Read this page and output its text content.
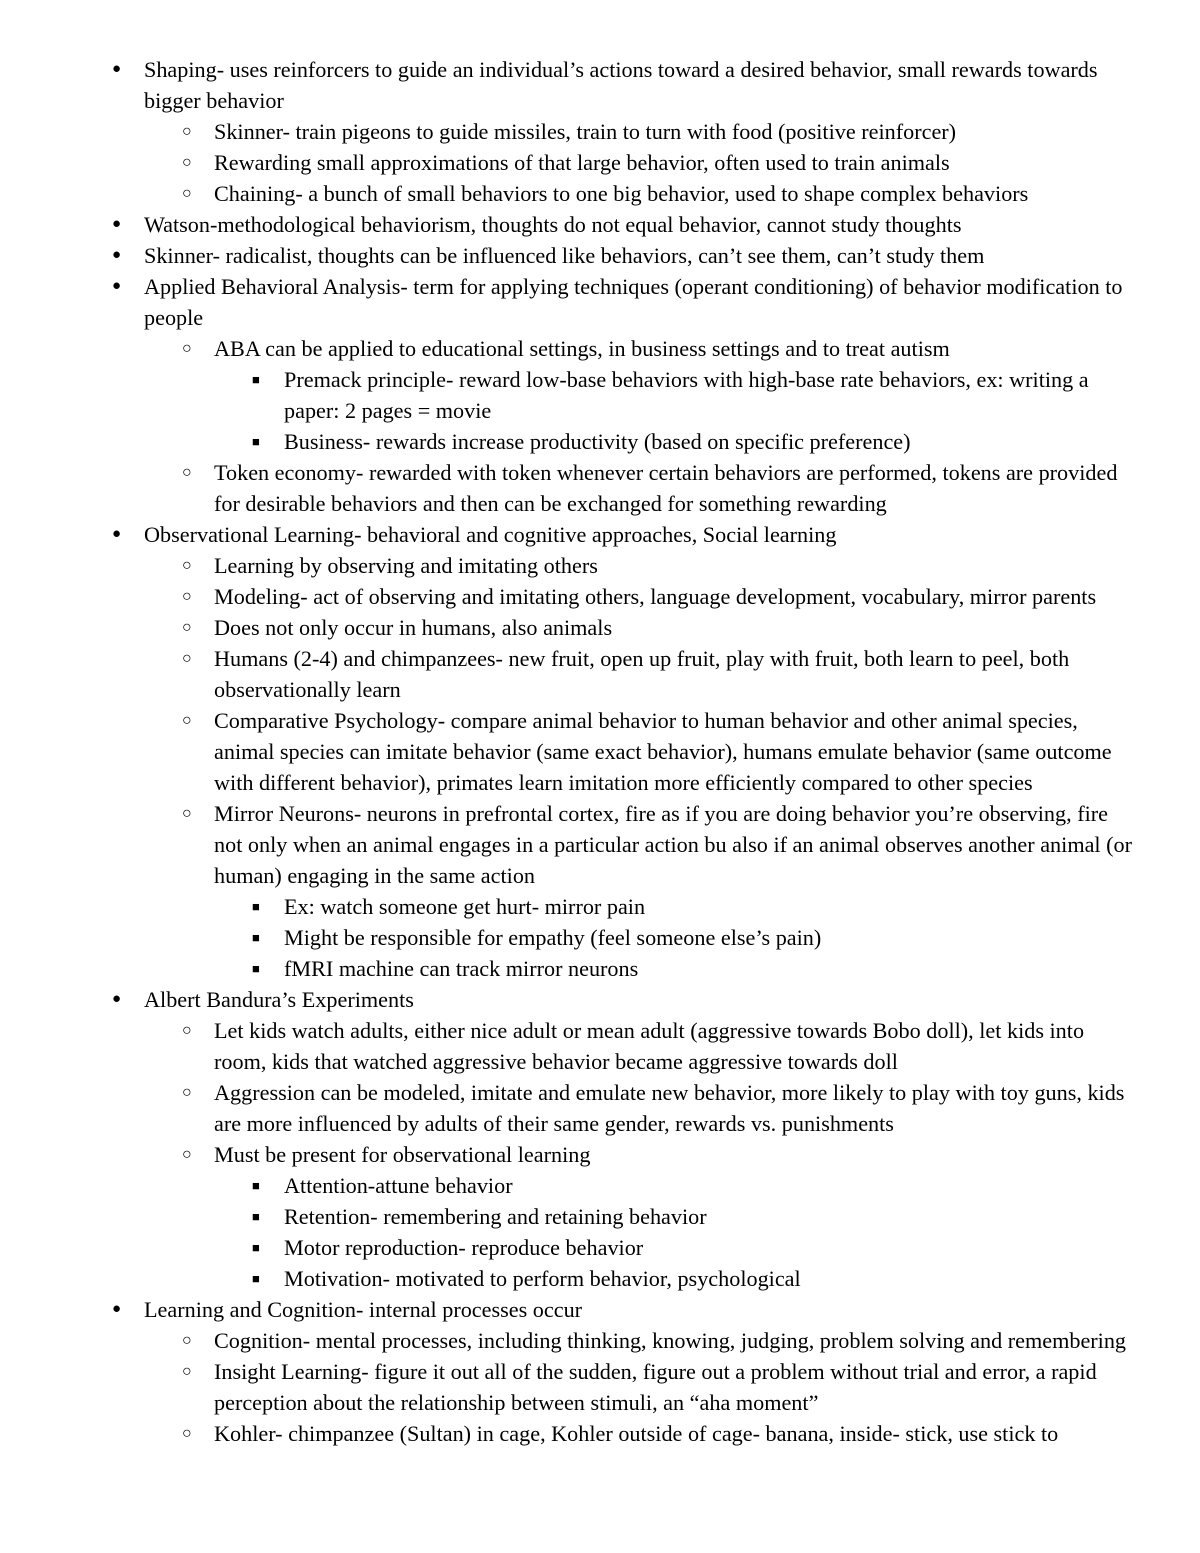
● Shaping- uses reinforcers to guide an individual’s actions toward a desired behavior, small rewards towards bigger behavior
○ Skinner- train pigeons to guide missiles, train to turn with food (positive reinforcer)
○ Rewarding small approximations of that large behavior, often used to train animals
○ Chaining- a bunch of small behaviors to one big behavior, used to shape complex behaviors
● Watson-methodological behaviorism, thoughts do not equal behavior, cannot study thoughts
● Skinner- radicalist, thoughts can be influenced like behaviors, can’t see them, can’t study them
● Applied Behavioral Analysis- term for applying techniques (operant conditioning) of behavior modification to people
○ ABA can be applied to educational settings, in business settings and to treat autism
■ Premack principle- reward low-base behaviors with high-base rate behaviors, ex: writing a paper: 2 pages = movie
■ Business- rewards increase productivity (based on specific preference)
○ Token economy- rewarded with token whenever certain behaviors are performed, tokens are provided for desirable behaviors and then can be exchanged for something rewarding
● Observational Learning- behavioral and cognitive approaches, Social learning
○ Learning by observing and imitating others
○ Modeling- act of observing and imitating others, language development, vocabulary, mirror parents
○ Does not only occur in humans, also animals
○ Humans (2-4) and chimpanzees- new fruit, open up fruit, play with fruit, both learn to peel, both observationally learn
○ Comparative Psychology- compare animal behavior to human behavior and other animal species, animal species can imitate behavior (same exact behavior), humans emulate behavior (same outcome with different behavior), primates learn imitation more efficiently compared to other species
○ Mirror Neurons- neurons in prefrontal cortex, fire as if you are doing behavior you’re observing, fire not only when an animal engages in a particular action bu also if an animal observes another animal (or human) engaging in the same action
■ Ex: watch someone get hurt- mirror pain
■ Might be responsible for empathy (feel someone else’s pain)
■ fMRI machine can track mirror neurons
● Albert Bandura’s Experiments
○ Let kids watch adults, either nice adult or mean adult (aggressive towards Bobo doll), let kids into room, kids that watched aggressive behavior became aggressive towards doll
○ Aggression can be modeled, imitate and emulate new behavior, more likely to play with toy guns, kids are more influenced by adults of their same gender, rewards vs. punishments
○ Must be present for observational learning
■ Attention-attune behavior
■ Retention- remembering and retaining behavior
■ Motor reproduction- reproduce behavior
■ Motivation- motivated to perform behavior, psychological
● Learning and Cognition- internal processes occur
○ Cognition- mental processes, including thinking, knowing, judging, problem solving and remembering
○ Insight Learning- figure it out all of the sudden, figure out a problem without trial and error, a rapid perception about the relationship between stimuli, an “aha moment”
○ Kohler- chimpanzee (Sultan) in cage, Kohler outside of cage- banana, inside- stick, use stick to
